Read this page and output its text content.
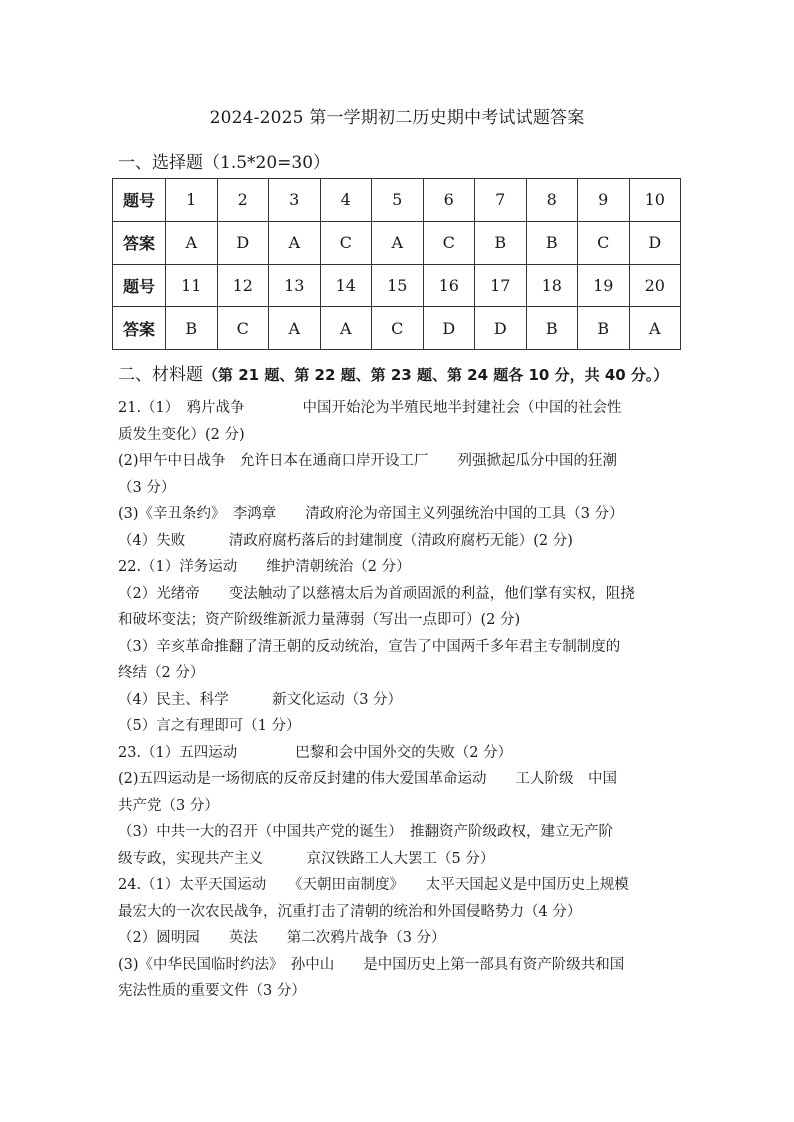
2024-2025 第一学期初二历史期中考试试题答案
一、选择题（1.5*20=30）
题号	1	2	3	4	5	6	7	8	9	10
答案	A	D	A	C	A	C	B	B	C	D
题号	11	12	13	14	15	16	17	18	19	20
答案	B	C	A	A	C	D	D	B	B	A
二、材料题（第 21 题、第 22 题、第 23 题、第 24 题各 10 分，共 40 分。）
21.（1）　鸦片战争　　　　中国开始沦为半殖民地半封建社会（中国的社会性
质发生变化）(2 分)
(2)甲午中日战争　允许日本在通商口岸开设工厂　　列强掀起瓜分中国的狂潮
（3 分）
(3)《辛丑条约》　李鸿章　　清政府沦为帝国主义列强统治中国的工具（3 分）
（4）失败　　　清政府腐朽落后的封建制度（清政府腐朽无能）(2 分)
22.（1）洋务运动　　维护清朝统治（2 分）
（2）光绪帝　　变法触动了以慈禧太后为首顽固派的利益，他们掌有实权，阻挠
和破坏变法；资产阶级维新派力量薄弱（写出一点即可）(2 分)
（3）辛亥革命推翻了清王朝的反动统治，宣告了中国两千多年君主专制制度的
终结（2 分）
（4）民主、科学　　　新文化运动（3 分）
（5）言之有理即可（1 分）
23.（1）五四运动　　　　巴黎和会中国外交的失败（2 分）
(2)五四运动是一场彻底的反帝反封建的伟大爱国革命运动　　工人阶级　中国
共产党（3 分）
（3）中共一大的召开（中国共产党的诞生）　推翻资产阶级政权，建立无产阶
级专政，实现共产主义　　　京汉铁路工人大罢工（5 分）
24.（1）太平天国运动　　《天朝田亩制度》　　太平天国起义是中国历史上规模
最宏大的一次农民战争，沉重打击了清朝的统治和外国侵略势力（4 分）
（2）圆明园　　英法　　第二次鸦片战争（3 分）
(3)《中华民国临时约法》　孙中山　　是中国历史上第一部具有资产阶级共和国
宪法性质的重要文件（3 分）
